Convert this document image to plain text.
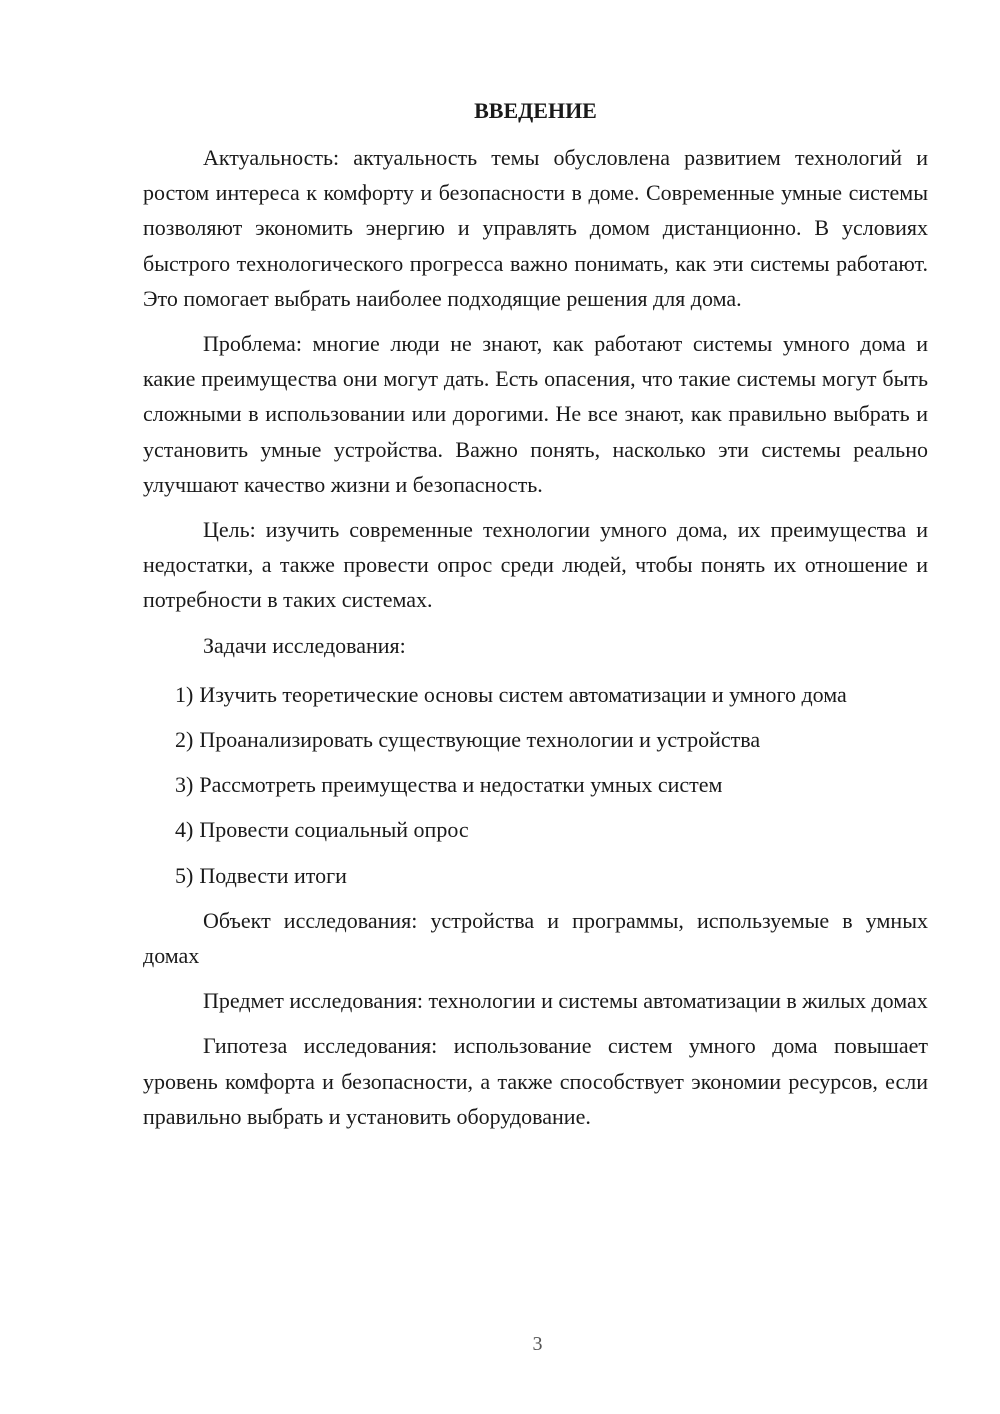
ВВЕДЕНИЕ

Актуальность: актуальность темы обусловлена развитием технологий и ростом интереса к комфорту и безопасности в доме. Современные умные системы позволяют экономить энергию и управлять домом дистанционно. В условиях быстрого технологического прогресса важно понимать, как эти системы работают. Это помогает выбрать наиболее подходящие решения для дома.

Проблема: многие люди не знают, как работают системы умного дома и какие преимущества они могут дать. Есть опасения, что такие системы могут быть сложными в использовании или дорогими. Не все знают, как правильно выбрать и установить умные устройства. Важно понять, насколько эти системы реально улучшают качество жизни и безопасность.

Цель: изучить современные технологии умного дома, их преимущества и недостатки, а также провести опрос среди людей, чтобы понять их отношение и потребности в таких системах.

Задачи исследования:

1) Изучить теоретические основы систем автоматизации и умного дома

2) Проанализировать существующие технологии и устройства

3) Рассмотреть преимущества и недостатки умных систем

4) Провести социальный опрос

5) Подвести итоги

Объект исследования: устройства и программы, используемые в умных домах

Предмет исследования: технологии и системы автоматизации в жилых домах

Гипотеза исследования: использование систем умного дома повышает уровень комфорта и безопасности, а также способствует экономии ресурсов, если правильно выбрать и установить оборудование.

3
